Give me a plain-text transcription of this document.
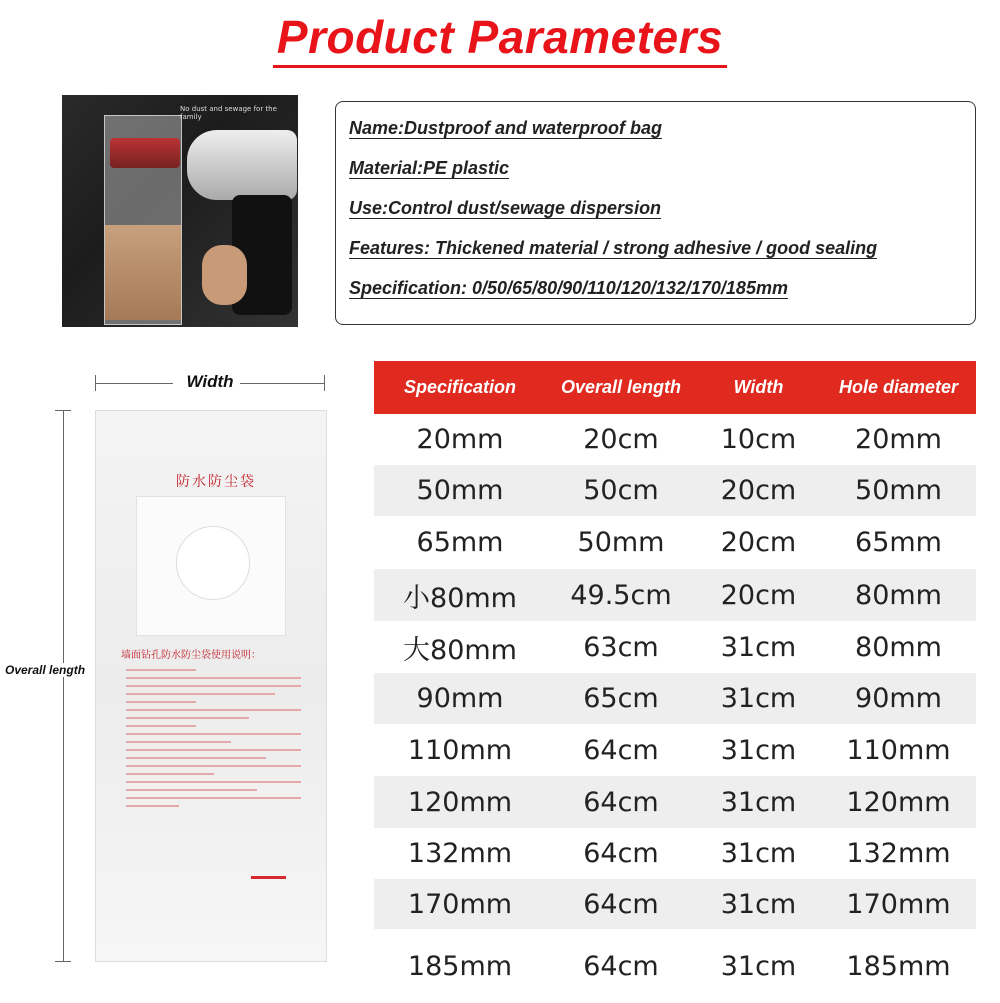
Product Parameters
No dust and sewage for the family
Name:Dustproof and waterproof bag
Material:PE plastic
Use:Control dust/sewage dispersion
Features: Thickened material / strong adhesive / good sealing
Specification: 0/50/65/80/90/110/120/132/170/185mm
Width
Overall length
防水防尘袋
墙面钻孔防水防尘袋使用说明：
Specification	Overall length	Width	Hole diameter
20mm	20cm	10cm	20mm
50mm	50cm	20cm	50mm
65mm	50mm	20cm	65mm
小80mm	49.5cm	20cm	80mm
大80mm	63cm	31cm	80mm
90mm	65cm	31cm	90mm
110mm	64cm	31cm	110mm
120mm	64cm	31cm	120mm
132mm	64cm	31cm	132mm
170mm	64cm	31cm	170mm
185mm	64cm	31cm	185mm
